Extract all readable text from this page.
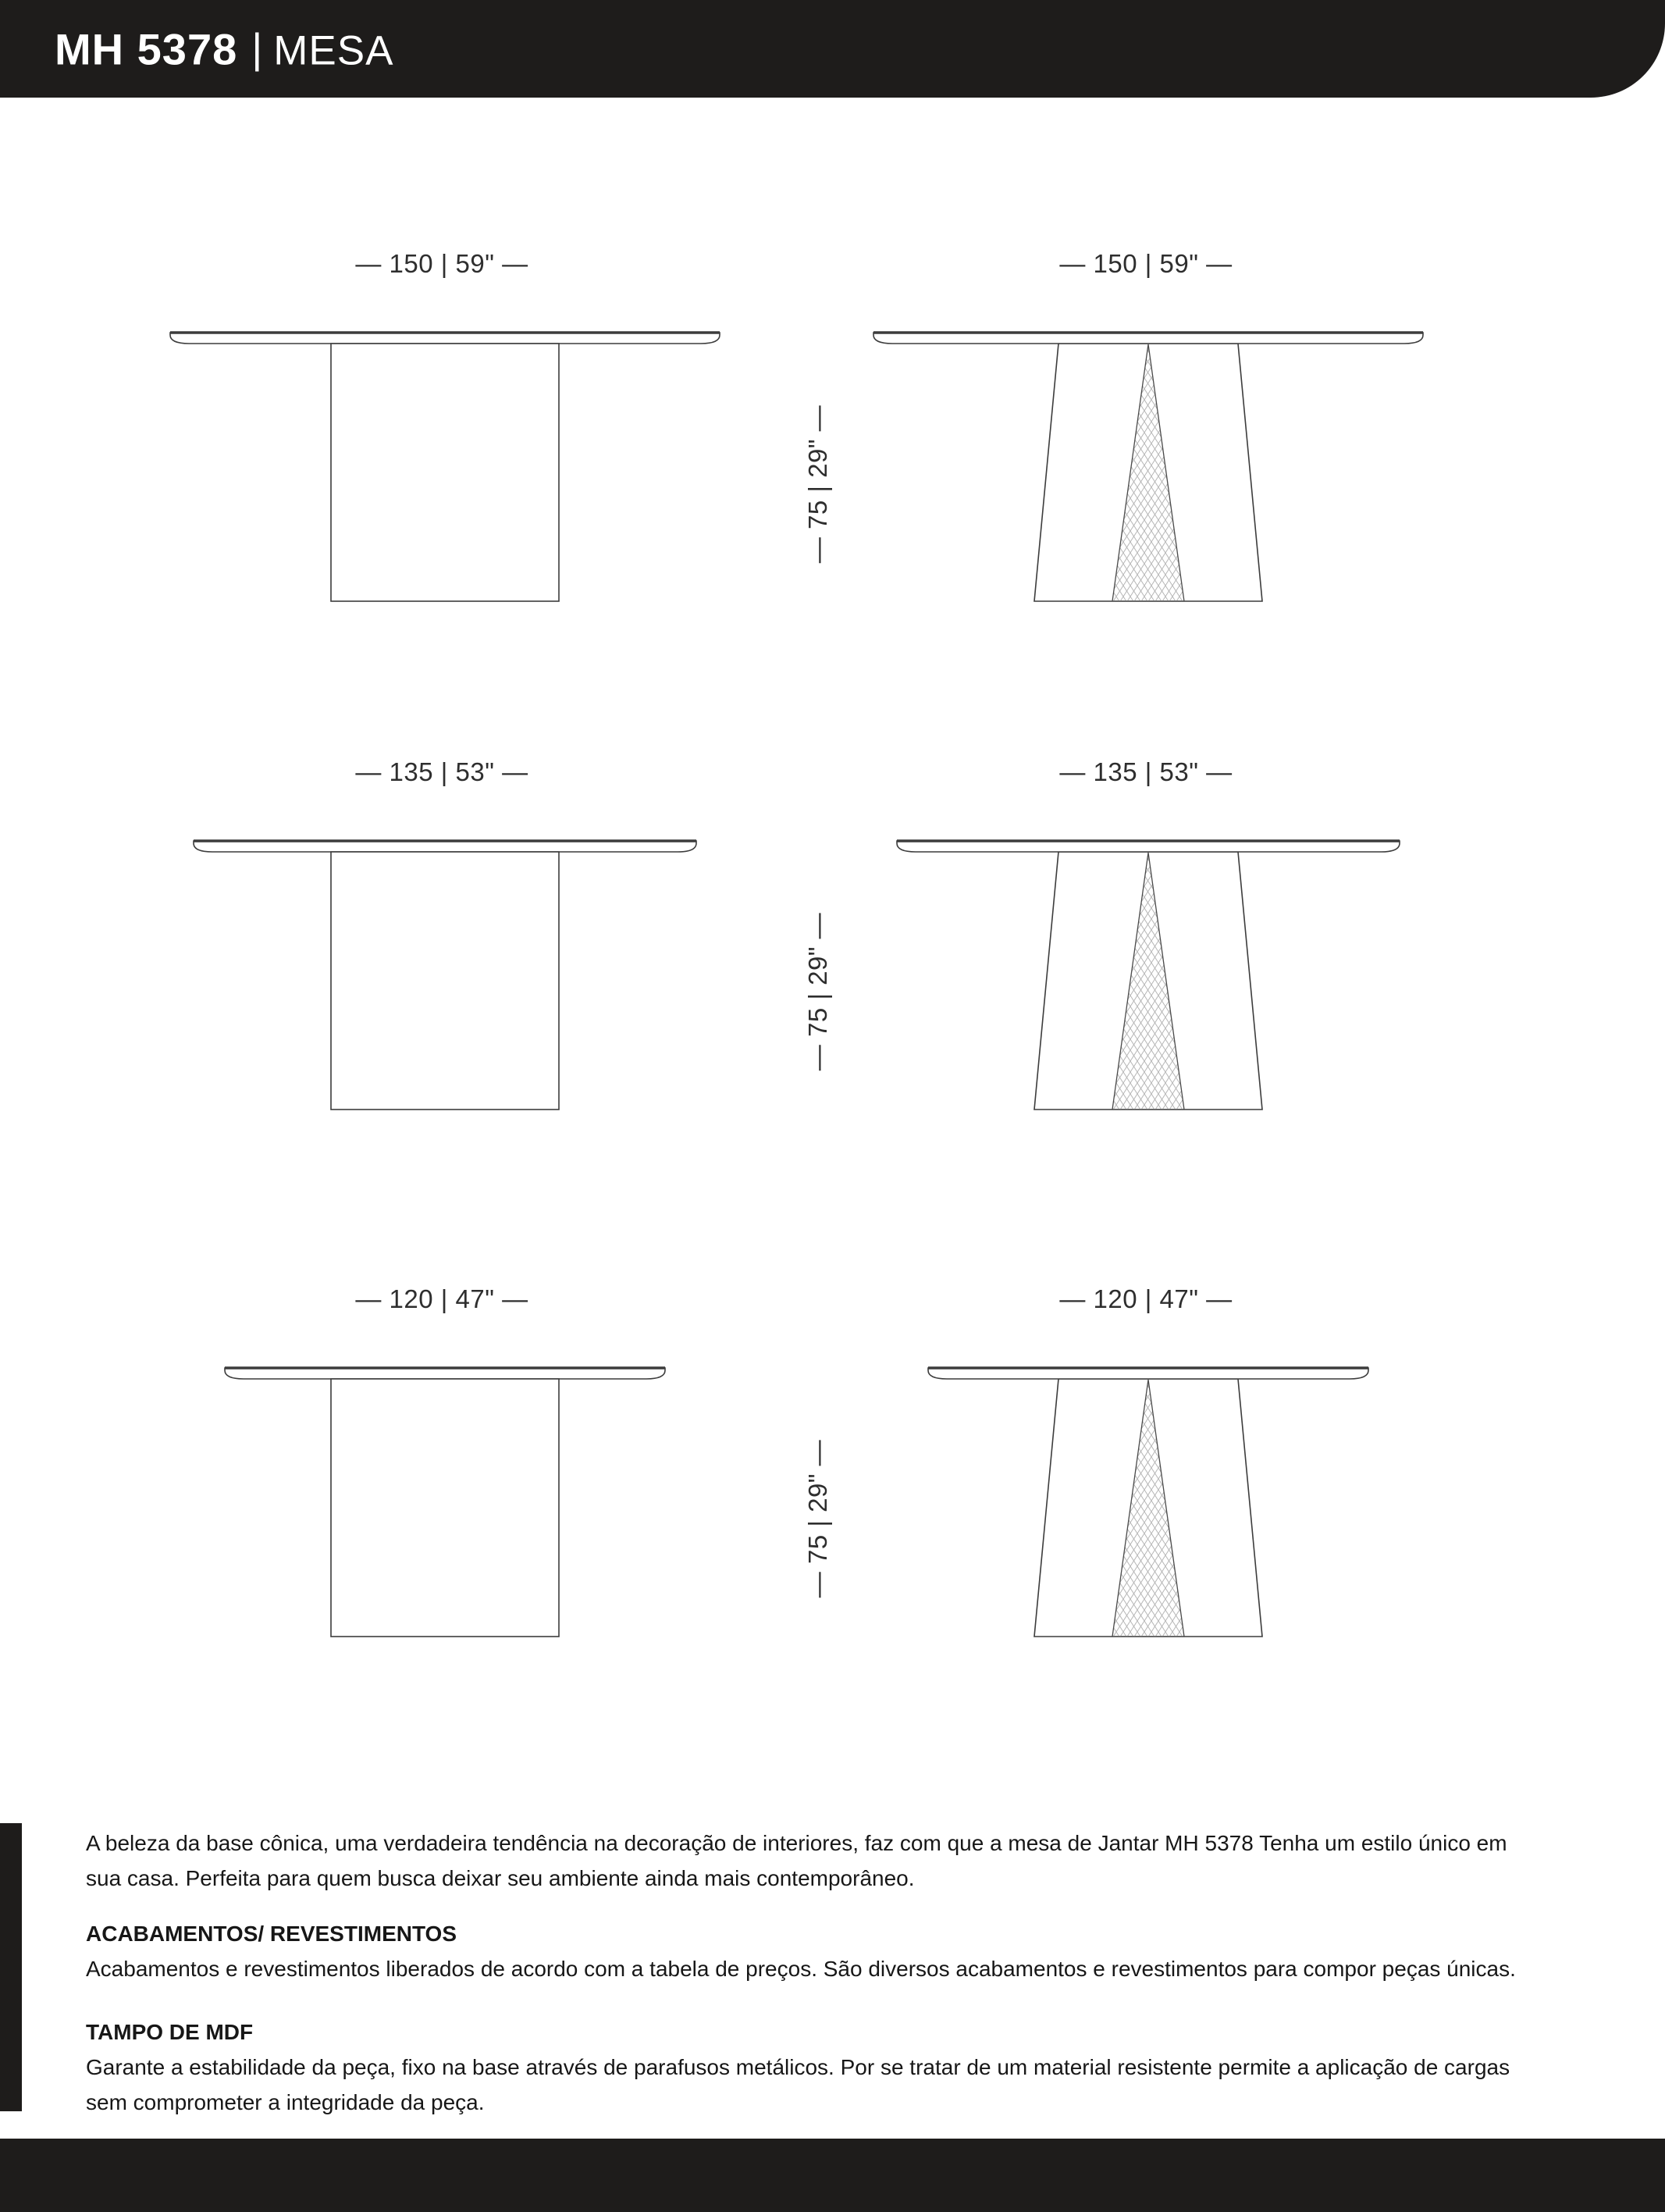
MH 5378 | MESA
— 150 | 59" —	— 150 | 59" —
— 75 | 29" —
— 135 | 53" —	— 135 | 53" —
— 75 | 29" —
— 120 | 47" —	— 120 | 47" —
— 75 | 29" —
A beleza da base cônica, uma verdadeira tendência na decoração de interiores, faz com que a mesa de Jantar MH 5378 Tenha um estilo único em
sua casa. Perfeita para quem busca deixar seu ambiente ainda mais contemporâneo.
ACABAMENTOS/ REVESTIMENTOS
Acabamentos e revestimentos liberados de acordo com a tabela de preços. São diversos acabamentos e revestimentos para compor peças únicas.
TAMPO DE MDF
Garante a estabilidade da peça, fixo na base através de parafusos metálicos. Por se tratar de um material resistente permite a aplicação de cargas
sem comprometer a integridade da peça.
